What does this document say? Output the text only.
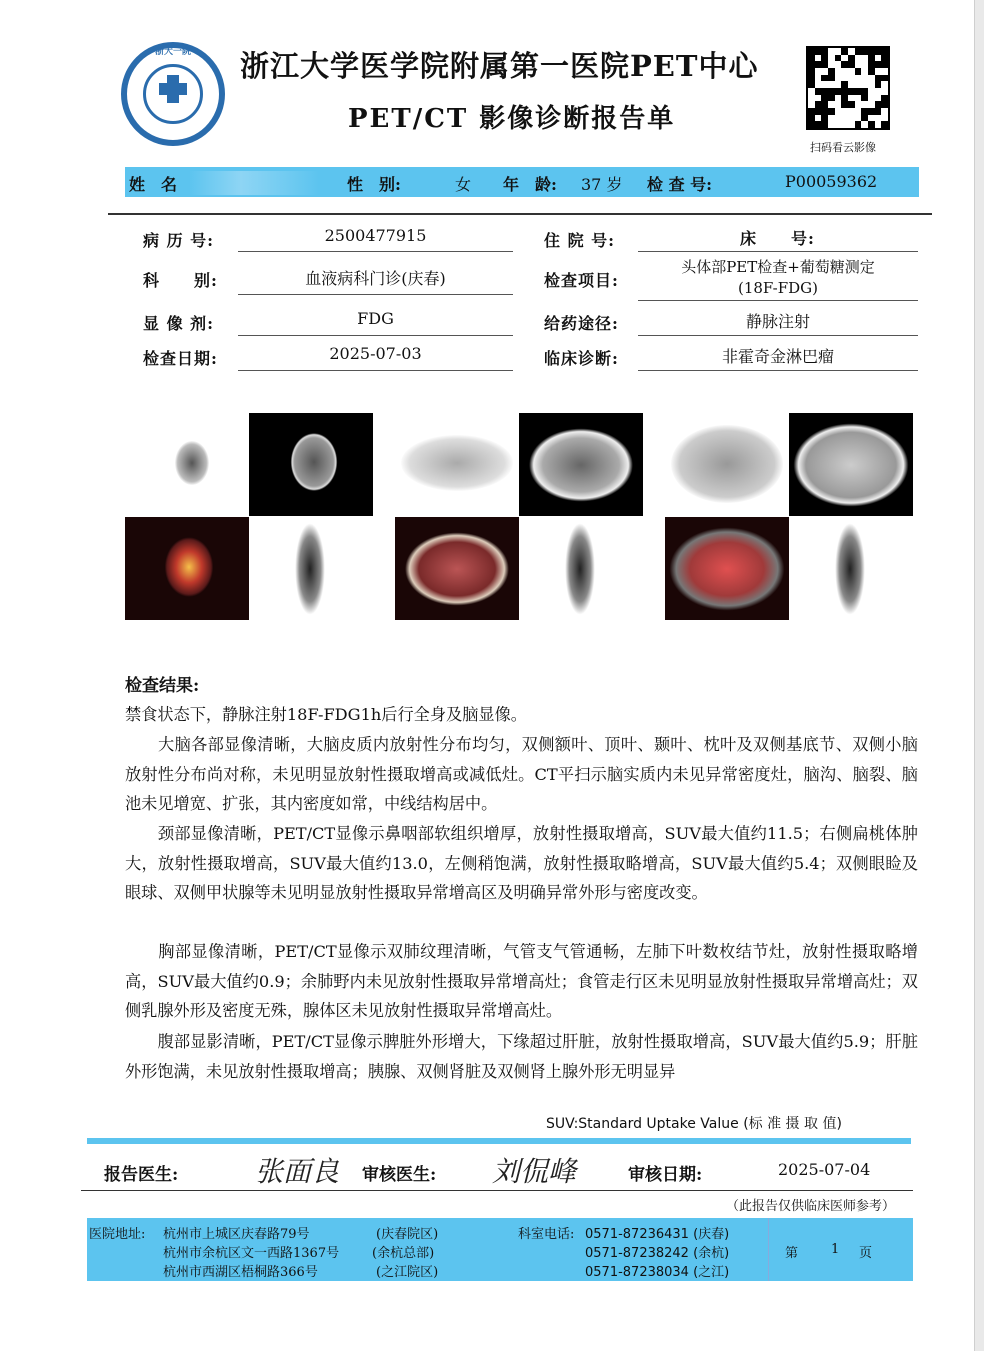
浙大一院	浙江大学医学院附属第一医院PET中心
PET/CT 影像诊断报告单
扫码看云影像
姓　名	性　别:	女 年　龄: 37 岁 检 查 号:	P00059362
病 历 号:	2500477915	住 院 号:	床　　号:
科　　别:	血液病科门诊(庆春)	检查项目:
头体部PET检查+葡萄糖测定
(18F-FDG)
显 像 剂:	FDG	给药途径:	静脉注射
检查日期:	2025-07-03	临床诊断:	非霍奇金淋巴瘤
检查结果:
禁食状态下，静脉注射18F-FDG1h后行全身及脑显像。
　　大脑各部显像清晰，大脑皮质内放射性分布均匀，双侧额叶、顶叶、颞叶、枕叶及双侧基底节、双侧小脑放射性分布尚对称，未见明显放射性摄取增高或减低灶。CT平扫示脑实质内未见异常密度灶，脑沟、脑裂、脑池未见增宽、扩张，其内密度如常，中线结构居中。
　　颈部显像清晰，PET/CT显像示鼻咽部软组织增厚，放射性摄取增高，SUV最大值约11.5；右侧扁桃体肿大，放射性摄取增高，SUV最大值约13.0，左侧稍饱满，放射性摄取略增高，SUV最大值约5.4；双侧眼睑及眼球、双侧甲状腺等未见明显放射性摄取异常增高区及明确异常外形与密度改变。
　　胸部显像清晰，PET/CT显像示双肺纹理清晰，气管支气管通畅，左肺下叶数枚结节灶，放射性摄取略增高，SUV最大值约0.9；余肺野内未见放射性摄取异常增高灶；食管走行区未见明显放射性摄取异常增高灶；双侧乳腺外形及密度无殊，腺体区未见放射性摄取异常增高灶。
　　腹部显影清晰，PET/CT显像示脾脏外形增大，下缘超过肝脏，放射性摄取增高，SUV最大值约5.9；肝脏外形饱满，未见放射性摄取增高；胰腺、双侧肾脏及双侧肾上腺外形无明显异
SUV:Standard Uptake Value (标 准 摄 取 值)
报告医生:	张面良 审核医生: 刘侃峰	审核日期:	2025-07-04
（此报告仅供临床医师参考）
医院地址: 杭州市上城区庆春路79号	(庆春院区)
杭州市余杭区文一西路1367号	(余杭总部)
杭州市西湖区梧桐路366号	(之江院区)
科室电话: 0571-87236431 (庆春)
0571-87238242 (余杭)
0571-87238034 (之江)
第	1 页
